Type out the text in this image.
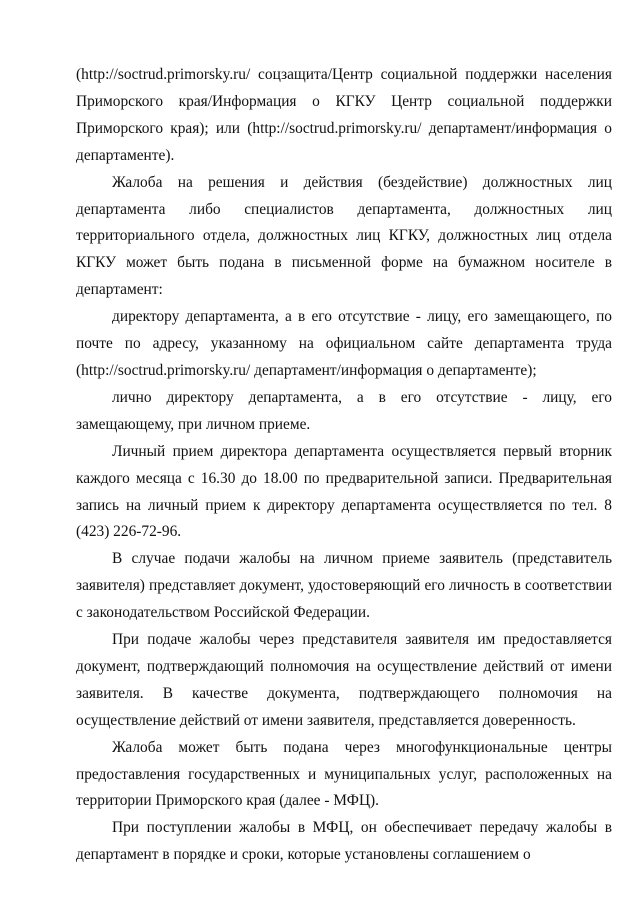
(http://soctrud.primorsky.ru/ соцзащита/Центр социальной поддержки населения Приморского края/Информация о КГКУ Центр социальной поддержки Приморского края); или (http://soctrud.primorsky.ru/ департамент/информация о департаменте).

Жалоба на решения и действия (бездействие) должностных лиц департамента либо специалистов департамента, должностных лиц территориального отдела, должностных лиц КГКУ, должностных лиц отдела КГКУ может быть подана в письменной форме на бумажном носителе в департамент:

директору департамента, а в его отсутствие - лицу, его замещающего, по почте по адресу, указанному на официальном сайте департамента труда (http://soctrud.primorsky.ru/ департамент/информация о департаменте);

лично директору департамента, а в его отсутствие - лицу, его замещающему, при личном приеме.

Личный прием директора департамента осуществляется первый вторник каждого месяца с 16.30 до 18.00 по предварительной записи. Предварительная запись на личный прием к директору департамента осуществляется по тел. 8 (423) 226-72-96.

В случае подачи жалобы на личном приеме заявитель (представитель заявителя) представляет документ, удостоверяющий его личность в соответствии с законодательством Российской Федерации.

При подаче жалобы через представителя заявителя им предоставляется документ, подтверждающий полномочия на осуществление действий от имени заявителя. В качестве документа, подтверждающего полномочия на осуществление действий от имени заявителя, представляется доверенность.

Жалоба может быть подана через многофункциональные центры предоставления государственных и муниципальных услуг, расположенных на территории Приморского края (далее - МФЦ).

При поступлении жалобы в МФЦ, он обеспечивает передачу жалобы в департамент в порядке и сроки, которые установлены соглашением о
